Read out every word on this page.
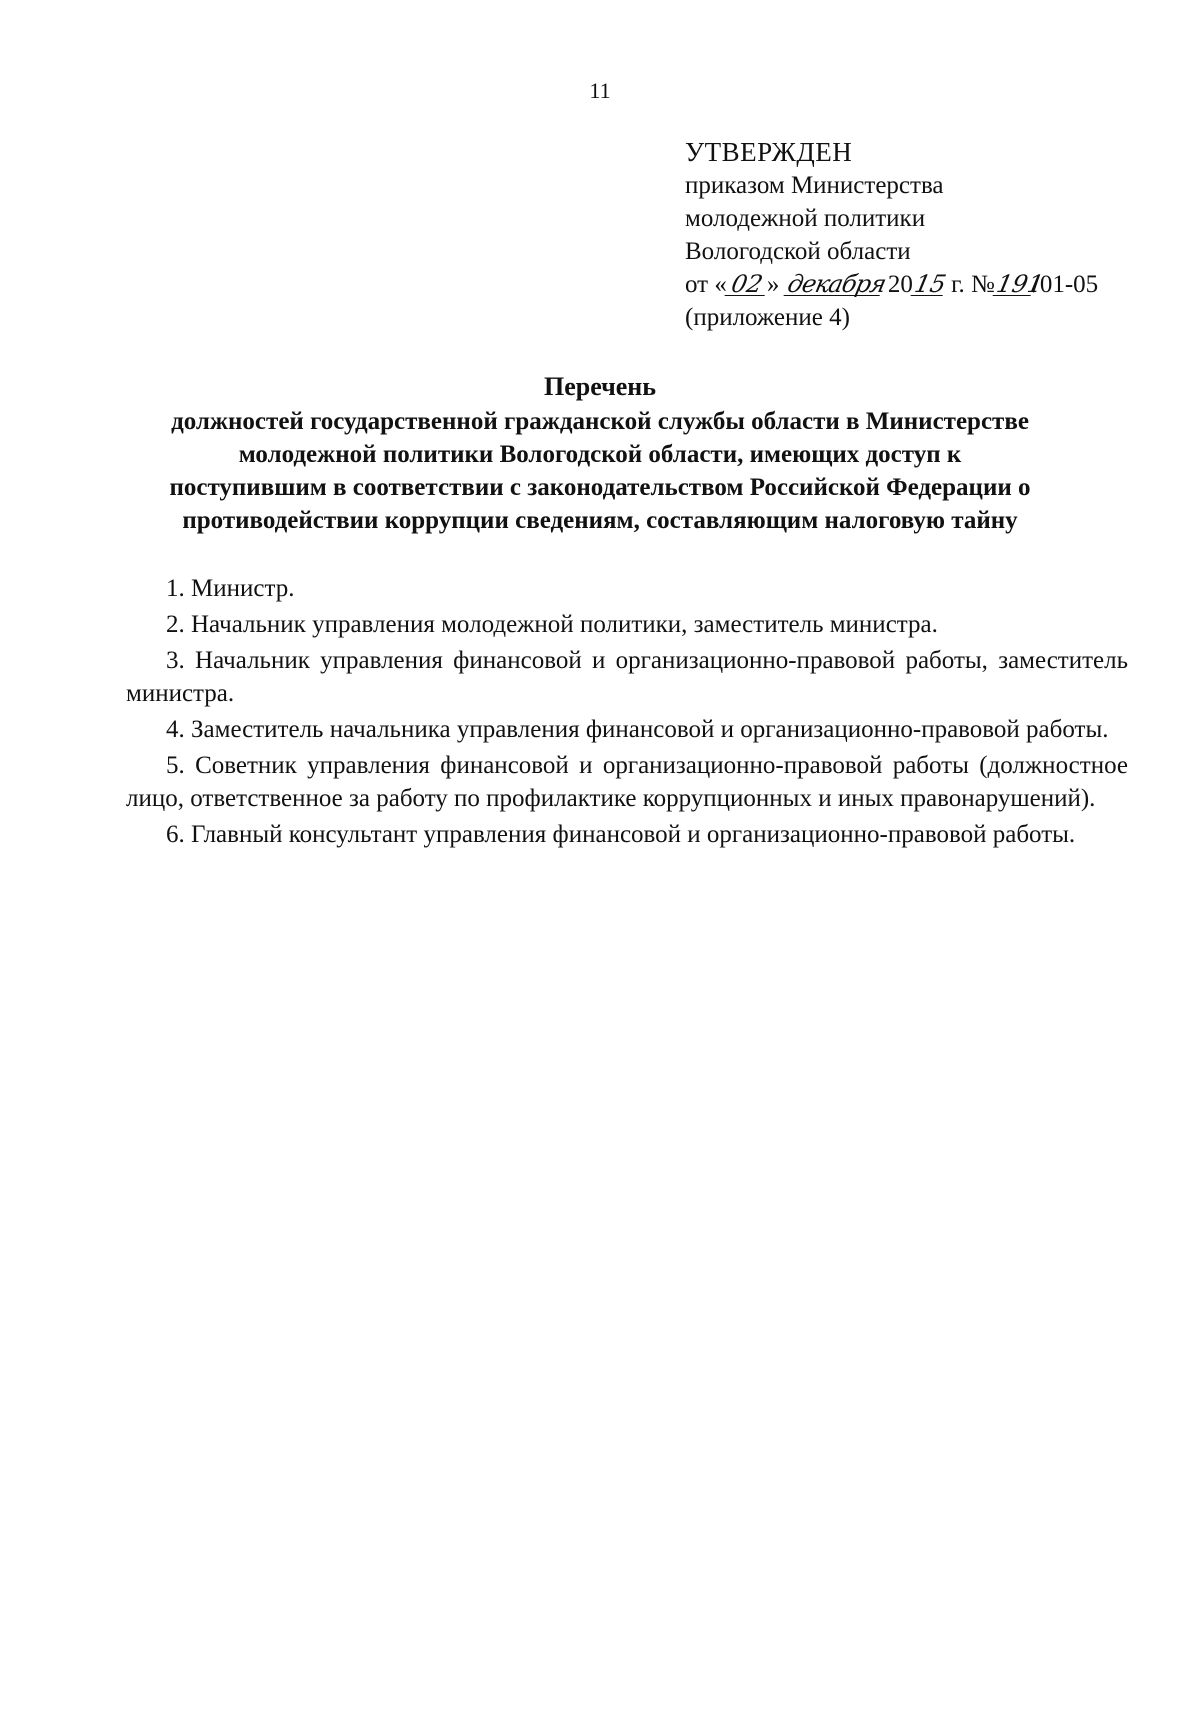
11
УТВЕРЖДЕН
приказом Министерства
молодежной политики
Вологодской области
от «02» декабря 2015 г. №191/01-05
(приложение 4)
Перечень
должностей государственной гражданской службы области в Министерстве
молодежной политики Вологодской области, имеющих доступ к
поступившим в соответствии с законодательством Российской Федерации о
противодействии коррупции сведениям, составляющим налоговую тайну

1. Министр.

2. Начальник управления молодежной политики, заместитель министра.

3. Начальник управления финансовой и организационно-правовой работы, заместитель министра.

4. Заместитель начальника управления финансовой и организационно-правовой работы.

5. Советник управления финансовой и организационно-правовой работы (должностное лицо, ответственное за работу по профилактике коррупционных и иных правонарушений).

6. Главный консультант управления финансовой и организационно-правовой работы.
